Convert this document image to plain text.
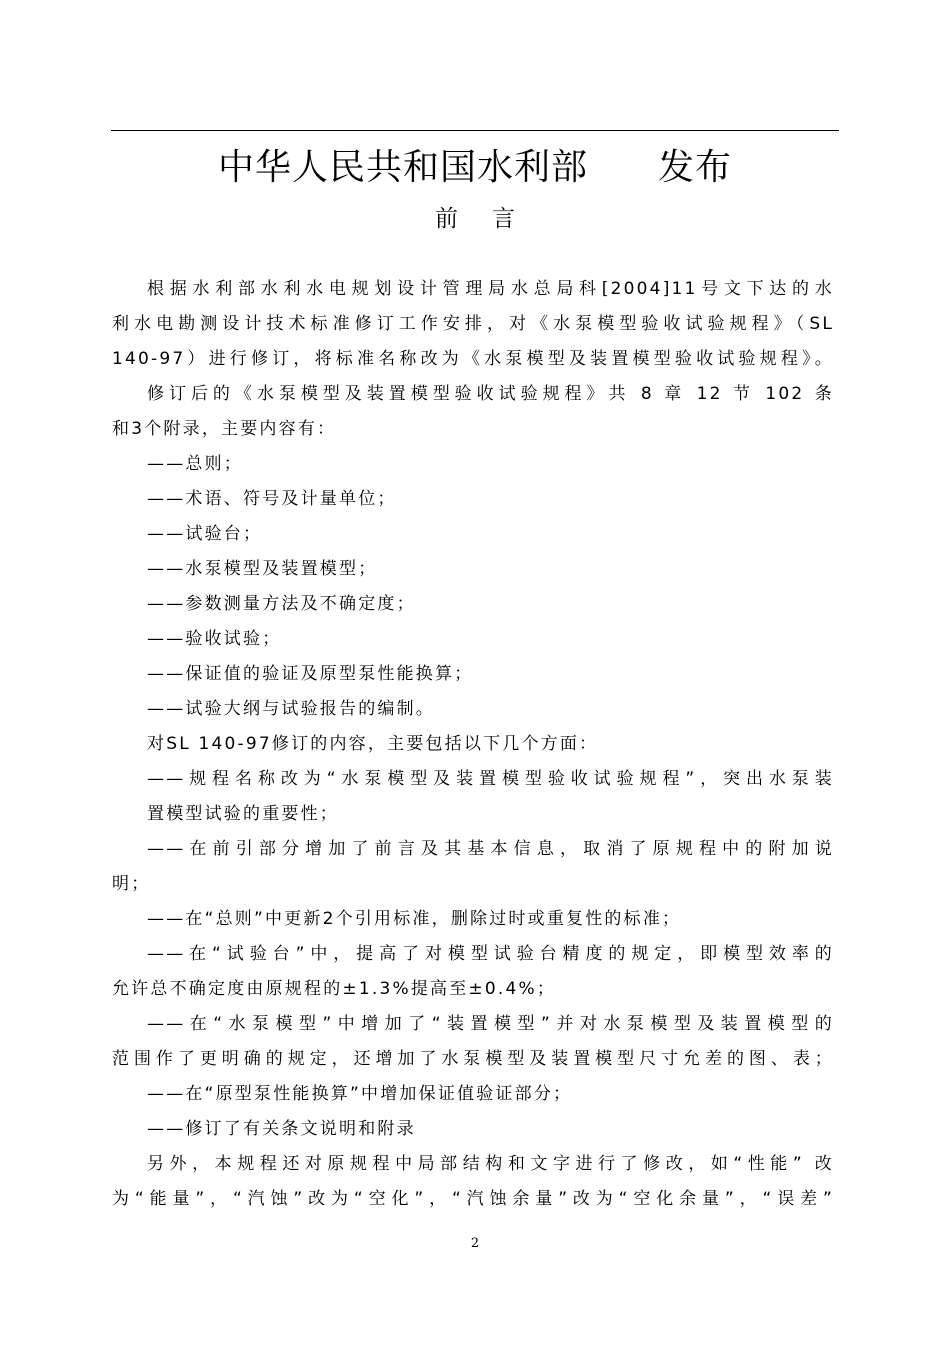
中华人民共和国水利部 发布
前言
根据水利部水利水电规划设计管理局水总局科[2004]11号文下达的水
利水电勘测设计技术标准修订工作安排，对《水泵模型验收试验规程》（SL
140-97）进行修订，将标准名称改为《水泵模型及装置模型验收试验规程》。
修订后的《水泵模型及装置模型验收试验规程》共 8 章 12 节 102 条
和3个附录，主要内容有：
——总则；
——术语、符号及计量单位；
——试验台；
——水泵模型及装置模型；
——参数测量方法及不确定度；
——验收试验；
——保证值的验证及原型泵性能换算；
——试验大纲与试验报告的编制。
对SL 140-97修订的内容，主要包括以下几个方面：
——规程名称改为“水泵模型及装置模型验收试验规程”，突出水泵装
置模型试验的重要性；
——在前引部分增加了前言及其基本信息，取消了原规程中的附加说
明；
——在“总则”中更新2个引用标准，删除过时或重复性的标准；
——在“试验台”中，提高了对模型试验台精度的规定，即模型效率的
允许总不确定度由原规程的±1.3%提高至±0.4%；
——在“水泵模型”中增加了“装置模型”并对水泵模型及装置模型的
范围作了更明确的规定，还增加了水泵模型及装置模型尺寸允差的图、表；
——在“原型泵性能换算”中增加保证值验证部分；
——修订了有关条文说明和附录
另外，本规程还对原规程中局部结构和文字进行了修改，如“性能” 改
为“能量”，“汽蚀”改为“空化”，“汽蚀余量”改为“空化余量”，“误差”
2
